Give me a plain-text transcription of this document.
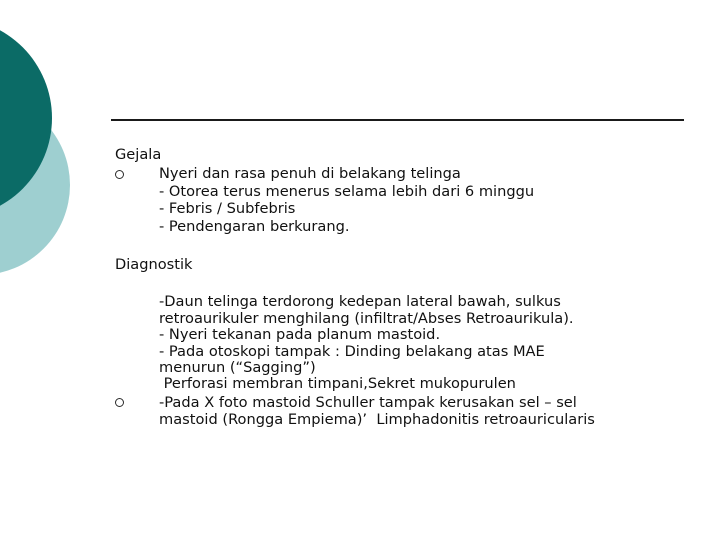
Gejala

Nyeri dan rasa penuh di belakang telinga

- Otorea terus menerus selama lebih dari 6 minggu

- Febris / Subfebris

- Pendengaran berkurang.

Diagnostik

-Daun telinga terdorong kedepan lateral bawah, sulkus

retroaurikuler menghilang (infiltrat/Abses Retroaurikula).

- Nyeri tekanan pada planum mastoid.

- Pada otoskopi tampak : Dinding belakang atas MAE

menurun (“Sagging”)

Perforasi membran timpani,Sekret mukopurulen

-Pada X foto mastoid Schuller tampak kerusakan sel – sel

mastoid (Rongga Empiema)’  Limphadonitis retroauricularis
